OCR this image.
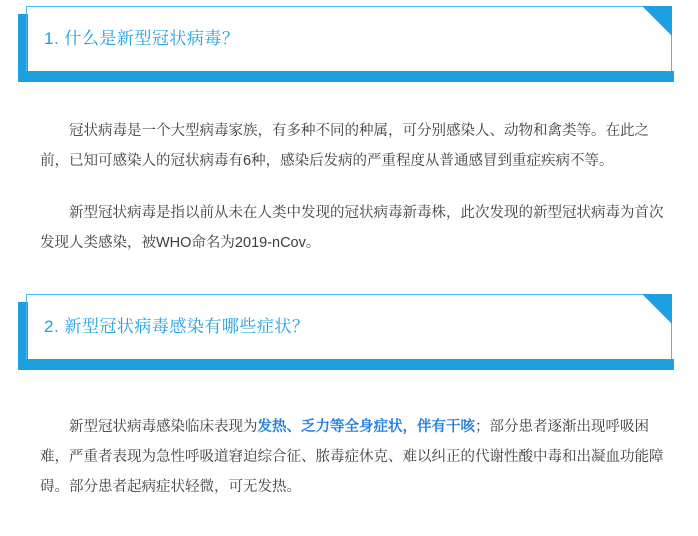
1. 什么是新型冠状病毒？

冠状病毒是一个大型病毒家族，有多种不同的种属，可分别感染人、动物和禽类等。在此之前，已知可感染人的冠状病毒有6种，感染后发病的严重程度从普通感冒到重症疾病不等。

新型冠状病毒是指以前从未在人类中发现的冠状病毒新毒株，此次发现的新型冠状病毒为首次发现人类感染，被WHO命名为2019-nCov。

2. 新型冠状病毒感染有哪些症状？

新型冠状病毒感染临床表现为发热、乏力等全身症状，伴有干咳；部分患者逐渐出现呼吸困难，严重者表现为急性呼吸道窘迫综合征、脓毒症休克、难以纠正的代谢性酸中毒和出凝血功能障碍。部分患者起病症状轻微，可无发热。
